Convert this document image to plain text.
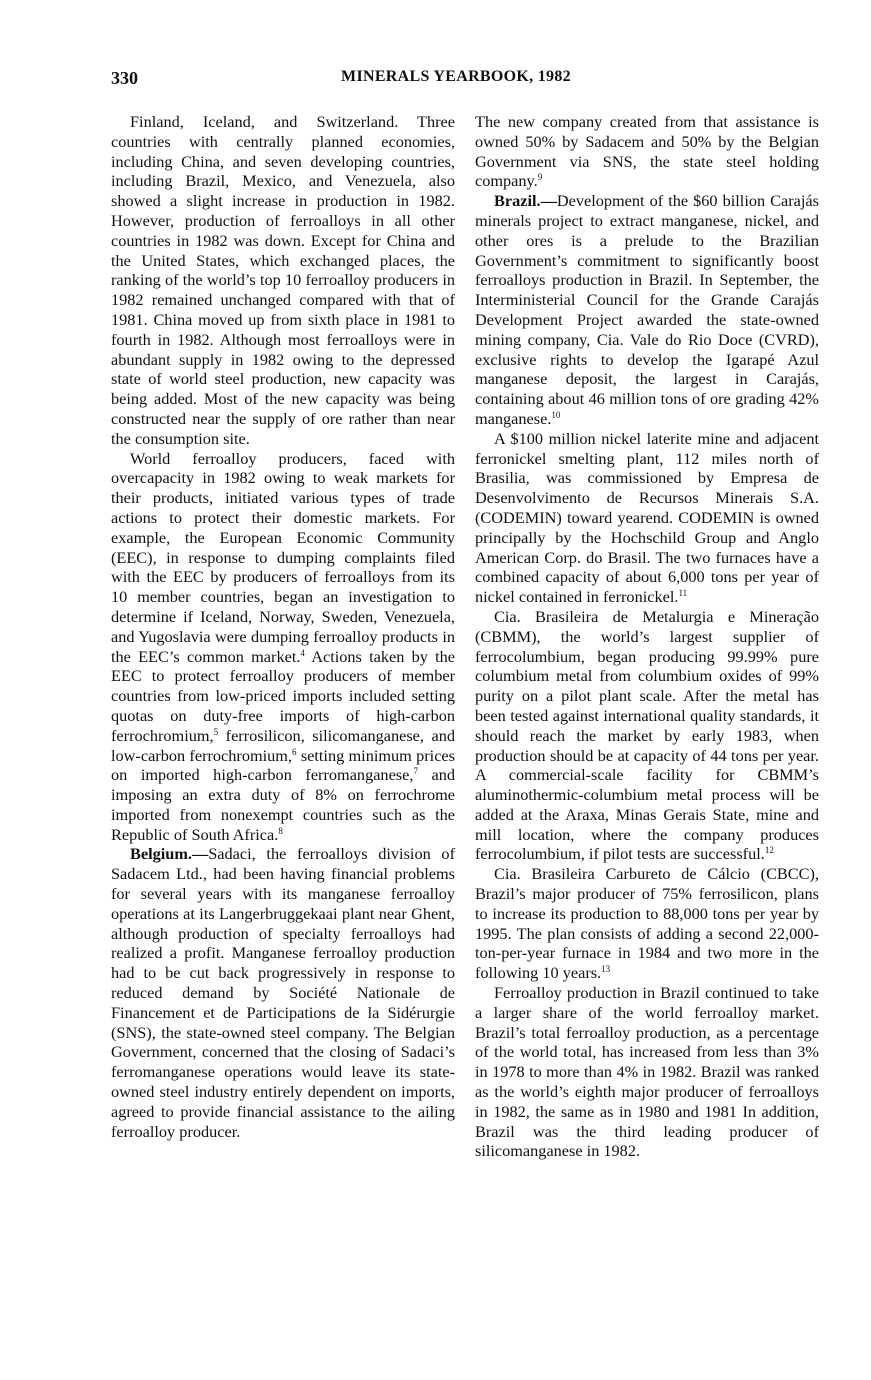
330	MINERALS YEARBOOK, 1982

Finland, Iceland, and Switzerland. Three countries with centrally planned economies, including China, and seven developing countries, including Brazil, Mexico, and Venezuela, also showed a slight increase in production in 1982. However, production of ferroalloys in all other countries in 1982 was down. Except for China and the United States, which exchanged places, the ranking of the world’s top 10 ferroalloy producers in 1982 remained unchanged compared with that of 1981. China moved up from sixth place in 1981 to fourth in 1982. Although most ferroalloys were in abundant supply in 1982 owing to the depressed state of world steel production, new capacity was being added. Most of the new capacity was being constructed near the supply of ore rather than near the consumption site.

World ferroalloy producers, faced with overcapacity in 1982 owing to weak markets for their products, initiated various types of trade actions to protect their domestic markets. For example, the European Economic Community (EEC), in response to dumping complaints filed with the EEC by producers of ferroalloys from its 10 member countries, began an investigation to determine if Iceland, Norway, Sweden, Venezuela, and Yugoslavia were dumping ferroalloy products in the EEC’s common market.$^4$ Actions taken by the EEC to protect ferroalloy producers of member countries from low-priced imports included setting quotas on duty-free imports of high-carbon ferrochromium,$^5$ ferrosilicon, silicomanganese, and low-carbon ferrochromium,$^6$ setting minimum prices on imported high-carbon ferromanganese,$^7$ and imposing an extra duty of 8% on ferrochrome imported from nonexempt countries such as the Republic of South Africa.$^8$

Belgium.—Sadaci, the ferroalloys division of Sadacem Ltd., had been having financial problems for several years with its manganese ferroalloy operations at its Langerbruggekaai plant near Ghent, although production of specialty ferroalloys had realized a profit. Manganese ferroalloy production had to be cut back progressively in response to reduced demand by Société Nationale de Financement et de Participations de la Sidérurgie (SNS), the state-owned steel company. The Belgian Government, concerned that the closing of Sadaci’s ferromanganese operations would leave its state-owned steel industry entirely dependent on imports, agreed to provide financial assistance to the ailing ferroalloy producer.

The new company created from that assistance is owned 50% by Sadacem and 50% by the Belgian Government via SNS, the state steel holding company.$^9$

Brazil.—Development of the $60 billion Carajás minerals project to extract manganese, nickel, and other ores is a prelude to the Brazilian Government’s commitment to significantly boost ferroalloys production in Brazil. In September, the Interministerial Council for the Grande Carajás Development Project awarded the state-owned mining company, Cia. Vale do Rio Doce (CVRD), exclusive rights to develop the Igarapé Azul manganese deposit, the largest in Carajás, containing about 46 million tons of ore grading 42% manganese.$^{10}$

A $100 million nickel laterite mine and adjacent ferronickel smelting plant, 112 miles north of Brasilia, was commissioned by Empresa de Desenvolvimento de Recursos Minerais S.A. (CODEMIN) toward yearend. CODEMIN is owned principally by the Hochschild Group and Anglo American Corp. do Brasil. The two furnaces have a combined capacity of about 6,000 tons per year of nickel contained in ferronickel.$^{11}$

Cia. Brasileira de Metalurgia e Mineração (CBMM), the world’s largest supplier of ferrocolumbium, began producing 99.99% pure columbium metal from columbium oxides of 99% purity on a pilot plant scale. After the metal has been tested against international quality standards, it should reach the market by early 1983, when production should be at capacity of 44 tons per year. A commercial-scale facility for CBMM’s aluminothermic-columbium metal process will be added at the Araxa, Minas Gerais State, mine and mill location, where the company produces ferrocolumbium, if pilot tests are successful.$^{12}$

Cia. Brasileira Carbureto de Cálcio (CBCC), Brazil’s major producer of 75% ferrosilicon, plans to increase its production to 88,000 tons per year by 1995. The plan consists of adding a second 22,000-ton-per-year furnace in 1984 and two more in the following 10 years.$^{13}$

Ferroalloy production in Brazil continued to take a larger share of the world ferroalloy market. Brazil’s total ferroalloy production, as a percentage of the world total, has increased from less than 3% in 1978 to more than 4% in 1982. Brazil was ranked as the world’s eighth major producer of ferroalloys in 1982, the same as in 1980 and 1981 In addition, Brazil was the third leading producer of silicomanganese in 1982.
